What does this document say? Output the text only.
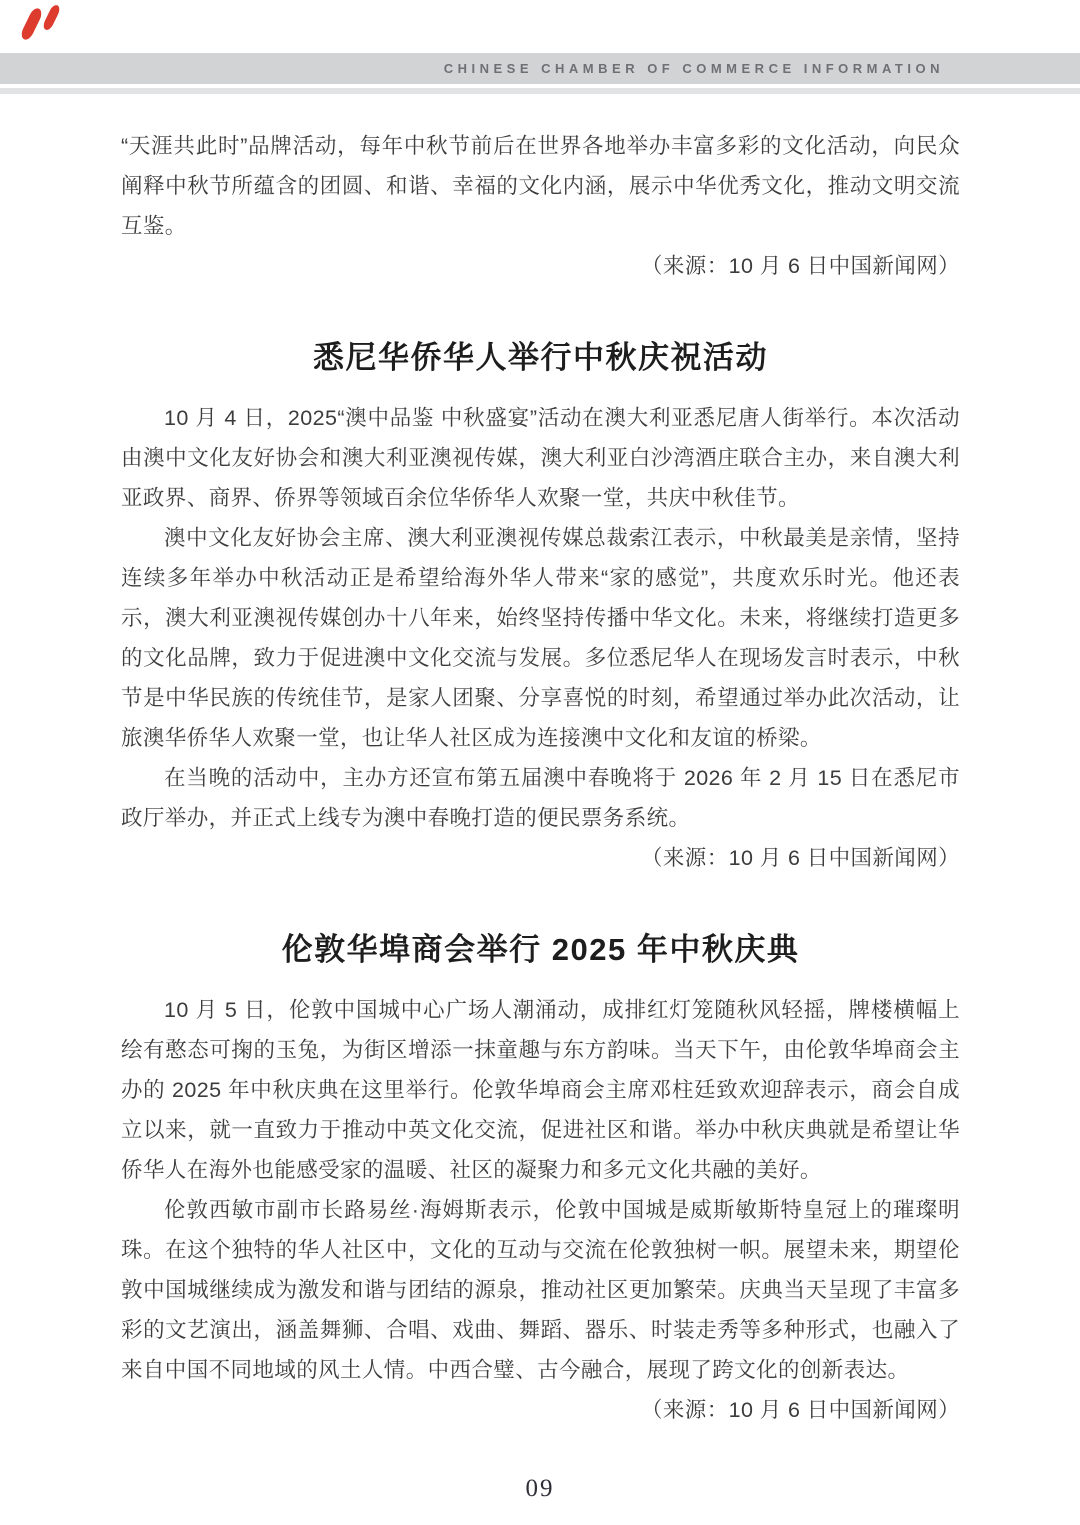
CHINESE CHAMBER OF COMMERCE INFORMATION

“天涯共此时”品牌活动，每年中秋节前后在世界各地举办丰富多彩的文化活动，向民众阐释中秋节所蕴含的团圆、和谐、幸福的文化内涵，展示中华优秀文化，推动文明交流互鉴。

（来源：10 月 6 日中国新闻网）

悉尼华侨华人举行中秋庆祝活动

10 月 4 日，2025“澳中品鉴 中秋盛宴”活动在澳大利亚悉尼唐人街举行。本次活动由澳中文化友好协会和澳大利亚澳视传媒，澳大利亚白沙湾酒庄联合主办，来自澳大利亚政界、商界、侨界等领域百余位华侨华人欢聚一堂，共庆中秋佳节。

澳中文化友好协会主席、澳大利亚澳视传媒总裁索江表示，中秋最美是亲情，坚持连续多年举办中秋活动正是希望给海外华人带来“家的感觉”，共度欢乐时光。他还表示，澳大利亚澳视传媒创办十八年来，始终坚持传播中华文化。未来，将继续打造更多的文化品牌，致力于促进澳中文化交流与发展。多位悉尼华人在现场发言时表示，中秋节是中华民族的传统佳节，是家人团聚、分享喜悦的时刻，希望通过举办此次活动，让旅澳华侨华人欢聚一堂，也让华人社区成为连接澳中文化和友谊的桥梁。

在当晚的活动中，主办方还宣布第五届澳中春晚将于 2026 年 2 月 15 日在悉尼市政厅举办，并正式上线专为澳中春晚打造的便民票务系统。
（来源：10 月 6 日中国新闻网）

伦敦华埠商会举行 2025 年中秋庆典

10 月 5 日，伦敦中国城中心广场人潮涌动，成排红灯笼随秋风轻摇，牌楼横幅上绘有憨态可掬的玉兔，为街区增添一抹童趣与东方韵味。当天下午，由伦敦华埠商会主办的 2025 年中秋庆典在这里举行。伦敦华埠商会主席邓柱廷致欢迎辞表示，商会自成立以来，就一直致力于推动中英文化交流，促进社区和谐。举办中秋庆典就是希望让华侨华人在海外也能感受家的温暖、社区的凝聚力和多元文化共融的美好。

伦敦西敏市副市长路易丝·海姆斯表示，伦敦中国城是威斯敏斯特皇冠上的璀璨明珠。在这个独特的华人社区中，文化的互动与交流在伦敦独树一帜。展望未来，期望伦敦中国城继续成为激发和谐与团结的源泉，推动社区更加繁荣。庆典当天呈现了丰富多彩的文艺演出，涵盖舞狮、合唱、戏曲、舞蹈、器乐、时装走秀等多种形式，也融入了来自中国不同地域的风土人情。中西合璧、古今融合，展现了跨文化的创新表达。

（来源：10 月 6 日中国新闻网）

09
